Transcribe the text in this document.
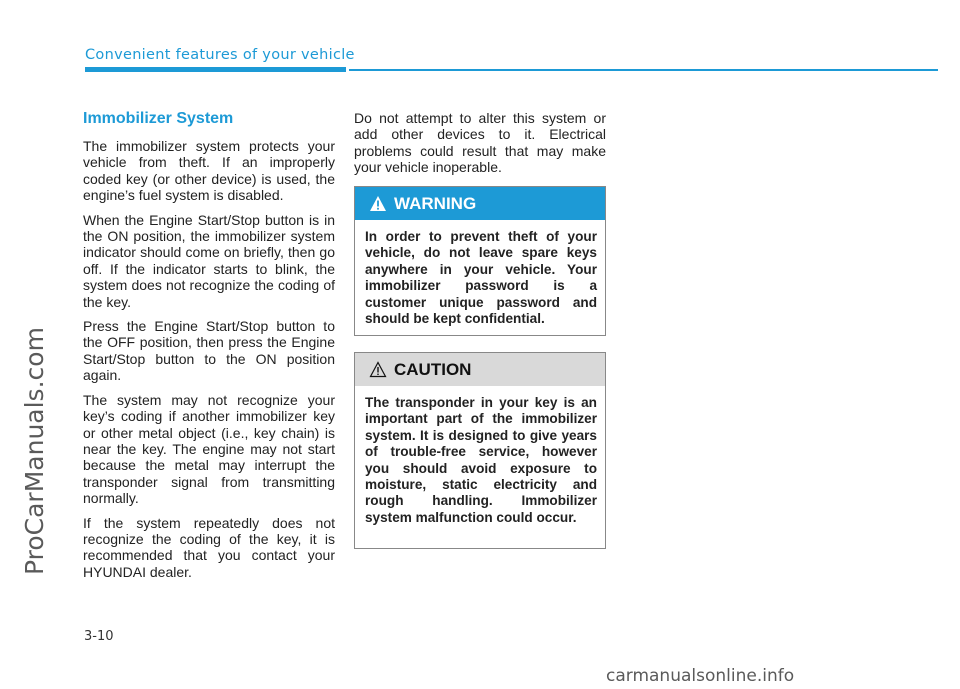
Convenient features of your vehicle
ProCarManuals.com
Immobilizer System

The immobilizer system protects your vehicle from theft. If an improperly coded key (or other device) is used, the engine’s fuel system is disabled.

When the Engine Start/Stop button is in the ON position, the immobilizer system indicator should come on briefly, then go off. If the indicator starts to blink, the system does not recognize the coding of the key.

Press the Engine Start/Stop button to the OFF position, then press the Engine Start/Stop button to the ON position again.

The system may not recognize your key’s coding if another immobilizer key or other metal object (i.e., key chain) is near the key. The engine may not start because the metal may interrupt the transponder signal from transmitting normally.

If the system repeatedly does not recognize the coding of the key, it is recommended that you contact your HYUNDAI dealer.

Do not attempt to alter this system or add other devices to it. Electrical problems could result that may make your vehicle inoperable.

WARNING
In order to prevent theft of your vehicle, do not leave spare keys anywhere in your vehicle. Your immobilizer password is a customer unique password and should be kept confidential.
CAUTION
The transponder in your key is an important part of the immobilizer system. It is designed to give years of trouble-free service, however you should avoid exposure to moisture, static electricity and rough handling. Immobilizer system malfunction could occur.
3-10
carmanualsonline.info
